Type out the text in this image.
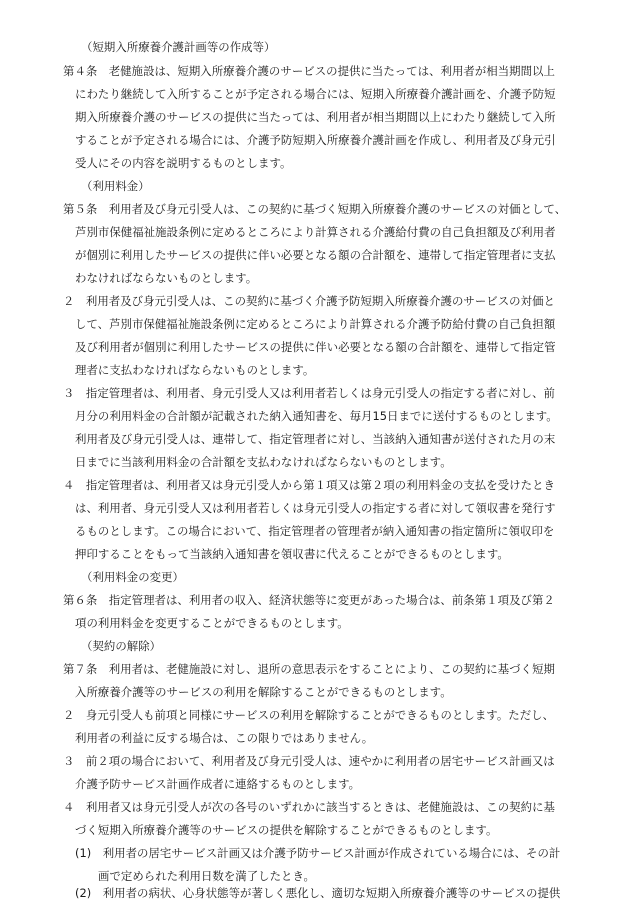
（短期入所療養介護計画等の作成等）
第４条　老健施設は、短期入所療養介護のサービスの提供に当たっては、利用者が相当期間以上
にわたり継続して入所することが予定される場合には、短期入所療養介護計画を、介護予防短
期入所療養介護のサービスの提供に当たっては、利用者が相当期間以上にわたり継続して入所
することが予定される場合には、介護予防短期入所療養介護計画を作成し、利用者及び身元引
受人にその内容を説明するものとします。
（利用料金）
第５条　利用者及び身元引受人は、この契約に基づく短期入所療養介護のサービスの対価として、
芦別市保健福祉施設条例に定めるところにより計算される介護給付費の自己負担額及び利用者
が個別に利用したサービスの提供に伴い必要となる額の合計額を、連帯して指定管理者に支払
わなければならないものとします。
２　利用者及び身元引受人は、この契約に基づく介護予防短期入所療養介護のサービスの対価と
して、芦別市保健福祉施設条例に定めるところにより計算される介護予防給付費の自己負担額
及び利用者が個別に利用したサービスの提供に伴い必要となる額の合計額を、連帯して指定管
理者に支払わなければならないものとします。
３　指定管理者は、利用者、身元引受人又は利用者若しくは身元引受人の指定する者に対し、前
月分の利用料金の合計額が記載された納入通知書を、毎月15日までに送付するものとします。
利用者及び身元引受人は、連帯して、指定管理者に対し、当該納入通知書が送付された月の末
日までに当該利用料金の合計額を支払わなければならないものとします。
４　指定管理者は、利用者又は身元引受人から第１項又は第２項の利用料金の支払を受けたとき
は、利用者、身元引受人又は利用者若しくは身元引受人の指定する者に対して領収書を発行す
るものとします。この場合において、指定管理者の管理者が納入通知書の指定箇所に領収印を
押印することをもって当該納入通知書を領収書に代えることができるものとします。
（利用料金の変更）
第６条　指定管理者は、利用者の収入、経済状態等に変更があった場合は、前条第１項及び第２
項の利用料金を変更することができるものとします。
（契約の解除）
第７条　利用者は、老健施設に対し、退所の意思表示をすることにより、この契約に基づく短期
入所療養介護等のサービスの利用を解除することができるものとします。
２　身元引受人も前項と同様にサービスの利用を解除することができるものとします。ただし、
利用者の利益に反する場合は、この限りではありません。
３　前２項の場合において、利用者及び身元引受人は、速やかに利用者の居宅サービス計画又は
介護予防サービス計画作成者に連絡するものとします。
４　利用者又は身元引受人が次の各号のいずれかに該当するときは、老健施設は、この契約に基
づく短期入所療養介護等のサービスの提供を解除することができるものとします。
(1)　利用者の居宅サービス計画又は介護予防サービス計画が作成されている場合には、その計
画で定められた利用日数を満了したとき。
(2)　利用者の病状、心身状態等が著しく悪化し、適切な短期入所療養介護等のサービスの提供
